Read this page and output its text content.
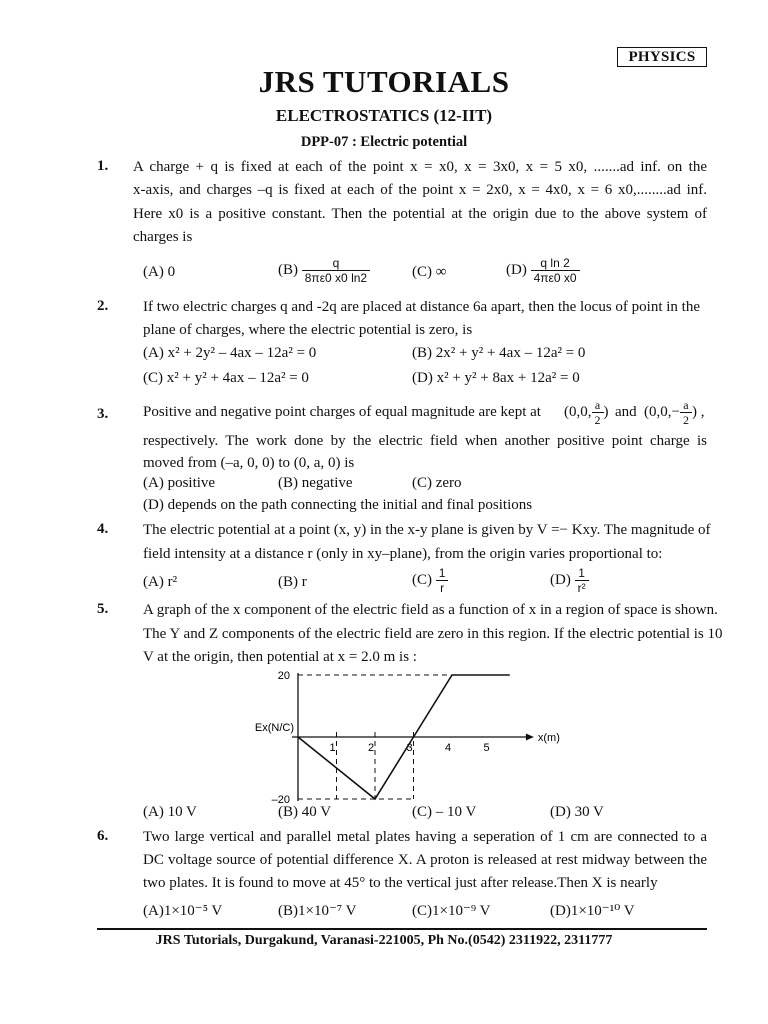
PHYSICS
JRS TUTORIALS
ELECTROSTATICS (12-IIT)
DPP-07 : Electric potential
1. A charge + q is fixed at each of the point x = x0, x = 3x0, x = 5 x0, .......ad inf. on the
x-axis, and charges –q is fixed at each of the point x = 2x0, x = 4x0, x = 6 x0,........ad inf.
Here x0 is a positive constant. Then the potential at the origin due to the above system of
charges is
(A) 0	$(B) \frac{q}{8\pi\varepsilon 0 x0 \ln 2}$	(C) ∞	$(D) \frac{\text{q ln 2}}{4\pi\varepsilon 0 x0}$
2. If two electric charges q and -2q are placed at distance 6a apart, then the locus of point in the
plane of charges, where the electric potential is zero, is
(A) x² + 2y² – 4ax – 12a² = 0	(B) 2x² + y² + 4ax – 12a² = 0
(C) x² + y² + 4ax – 12a² = 0	(D) x² + y² + 8ax + 12a² = 0
3. Positive and negative point charges of equal magnitude are kept at (0,0, $\frac{a}{2}$ ) and ($0,0,- \frac{a}{2}$ ) ,
respectively. The work done by the electric field when another positive point charge is
moved from (–a, 0, 0) to (0, a, 0) is
(A) positive	(B) negative	(C) zero
(D) depends on the path connecting the initial and final positions
4. The electric potential at a point (x, y) in the x-y plane is given by V =− Kxy. The magnitude of
field intensity at a distance r (only in xy–plane), from the origin varies proportional to:
(A) r²	(B) r	$(C) \frac{1}{r}$	$(D) \frac{1}{\text{r²}}$
5. A graph of the x component of the electric field as a function of x in a region of space is shown.
The Y and Z components of the electric field are zero in this region. If the electric potential is 10
V at the origin, then potential at x = 2.0 m is :
1	2	3	4	5
20
–20
Ex(N/C)
x(m)
(A) 10 V	(B) 40 V	(C) – 10 V	(D) 30 V
6. Two large vertical and parallel metal plates having a seperation of 1 cm are connected to a
DC voltage source of potential difference X. A proton is released at rest midway between the
two plates. It is found to move at 45° to the vertical just after release.Then X is nearly
(A)1×10⁻⁵ V	(B)1×10⁻⁷ V	(C)1×10⁻⁹ V	(D)1×10⁻¹⁰ V
JRS Tutorials, Durgakund, Varanasi-221005, Ph No.(0542) 2311922, 2311777
